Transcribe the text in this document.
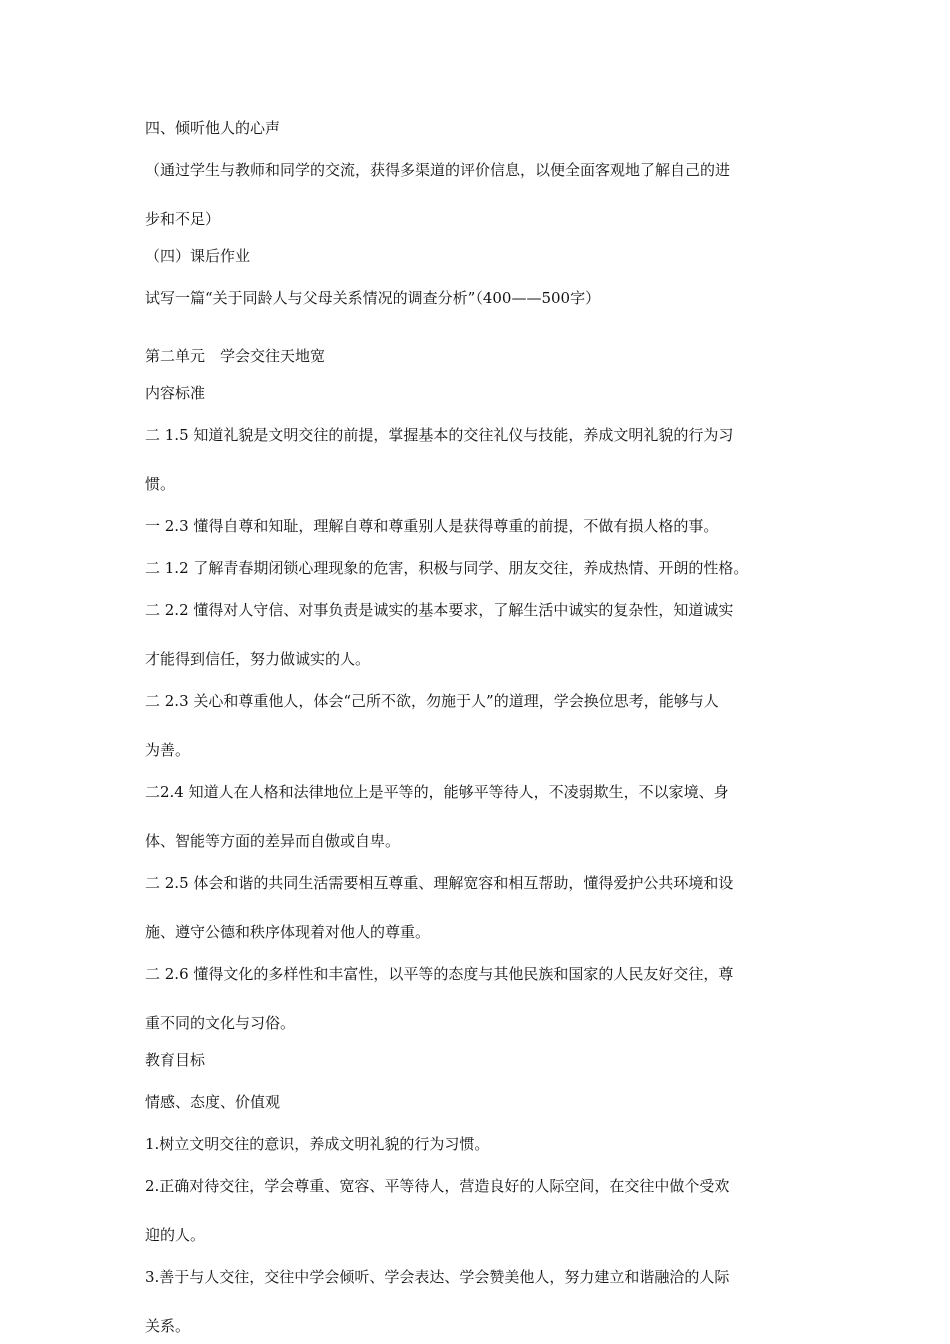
四、倾听他人的心声

（通过学生与教师和同学的交流，获得多渠道的评价信息，以便全面客观地了解自己的进

步和不足）

（四）课后作业

试写一篇“关于同龄人与父母关系情况的调查分析”（400——500字）

第二单元　学会交往天地宽

内容标准

二 1.5 知道礼貌是文明交往的前提，掌握基本的交往礼仪与技能，养成文明礼貌的行为习

惯。

一 2.3 懂得自尊和知耻，理解自尊和尊重别人是获得尊重的前提，不做有损人格的事。

二 1.2 了解青春期闭锁心理现象的危害，积极与同学、朋友交往，养成热情、开朗的性格。

二 2.2 懂得对人守信、对事负责是诚实的基本要求，了解生活中诚实的复杂性，知道诚实

才能得到信任，努力做诚实的人。

二 2.3 关心和尊重他人，体会“己所不欲，勿施于人”的道理，学会换位思考，能够与人

为善。

二2.4 知道人在人格和法律地位上是平等的，能够平等待人，不凌弱欺生，不以家境、身

体、智能等方面的差异而自傲或自卑。

二 2.5 体会和谐的共同生活需要相互尊重、理解宽容和相互帮助，懂得爱护公共环境和设

施、遵守公德和秩序体现着对他人的尊重。

二 2.6 懂得文化的多样性和丰富性，以平等的态度与其他民族和国家的人民友好交往，尊

重不同的文化与习俗。

教育目标

情感、态度、价值观

1.树立文明交往的意识，养成文明礼貌的行为习惯。

2.正确对待交往，学会尊重、宽容、平等待人，营造良好的人际空间，在交往中做个受欢

迎的人。

3.善于与人交往，交往中学会倾听、学会表达、学会赞美他人，努力建立和谐融洽的人际

关系。
